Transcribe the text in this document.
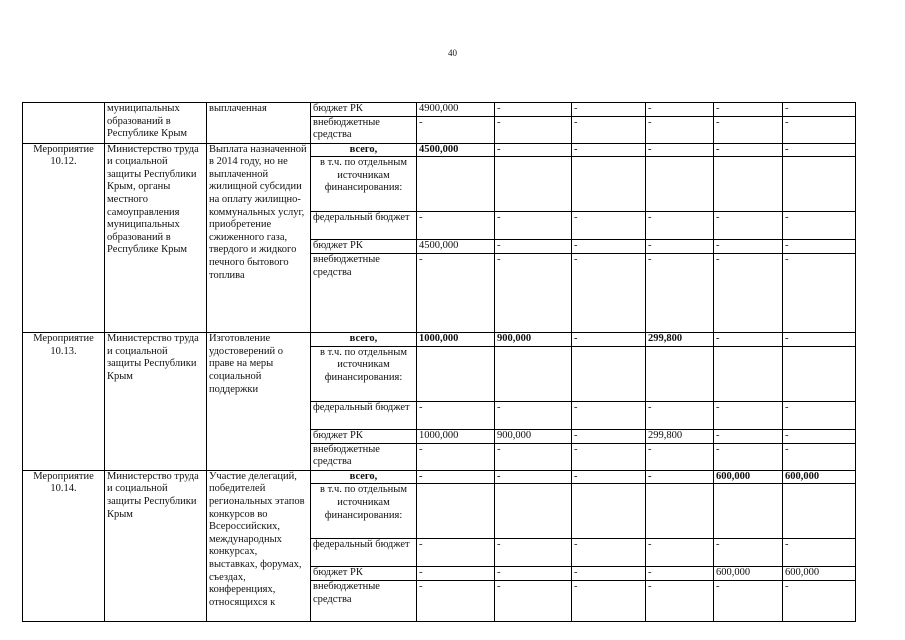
40
	муниципальных образований в Республике Крым	выплаченная	бюджет РК	4900,000	-	-	-	-	-
			внебюджетные средства	-	-	-	-	-	-
Мероприятие 10.12.	Министерство труда и социальной защиты Республики Крым, органы местного самоуправления муниципальных образований в Республике Крым	Выплата назначенной в 2014 году, но не выплаченной жилищной субсидии на оплату жилищно-коммунальных услуг, приобретение сжиженного газа, твердого и жидкого печного бытового топлива	всего,	4500,000	-	-	-	-	-
			в т.ч. по отдельным источникам финансирования:						
			федеральный бюджет	-	-	-	-	-	-
			бюджет РК	4500,000	-	-	-	-	-
			внебюджетные средства	-	-	-	-	-	-
Мероприятие 10.13.	Министерство труда и социальной защиты Республики Крым	Изготовление удостоверений о праве на меры социальной поддержки	всего,	1000,000	900,000	-	299,800	-	-
			в т.ч. по отдельным источникам финансирования:						
			федеральный бюджет	-	-	-	-	-	-
			бюджет РК	1000,000	900,000	-	299,800	-	-
			внебюджетные средства	-	-	-	-	-	-
Мероприятие 10.14.	Министерство труда и социальной защиты Республики Крым	Участие делегаций, победителей региональных этапов конкурсов во Всероссийских, международных конкурсах, выставках, форумах, съездах, конференциях, относящихся к	всего,	-	-	-	-	600,000	600,000
			в т.ч. по отдельным источникам финансирования:						
			федеральный бюджет	-	-	-	-	-	-
			бюджет РК	-	-	-	-	600,000	600,000
			внебюджетные средства	-	-	-	-	-	-
